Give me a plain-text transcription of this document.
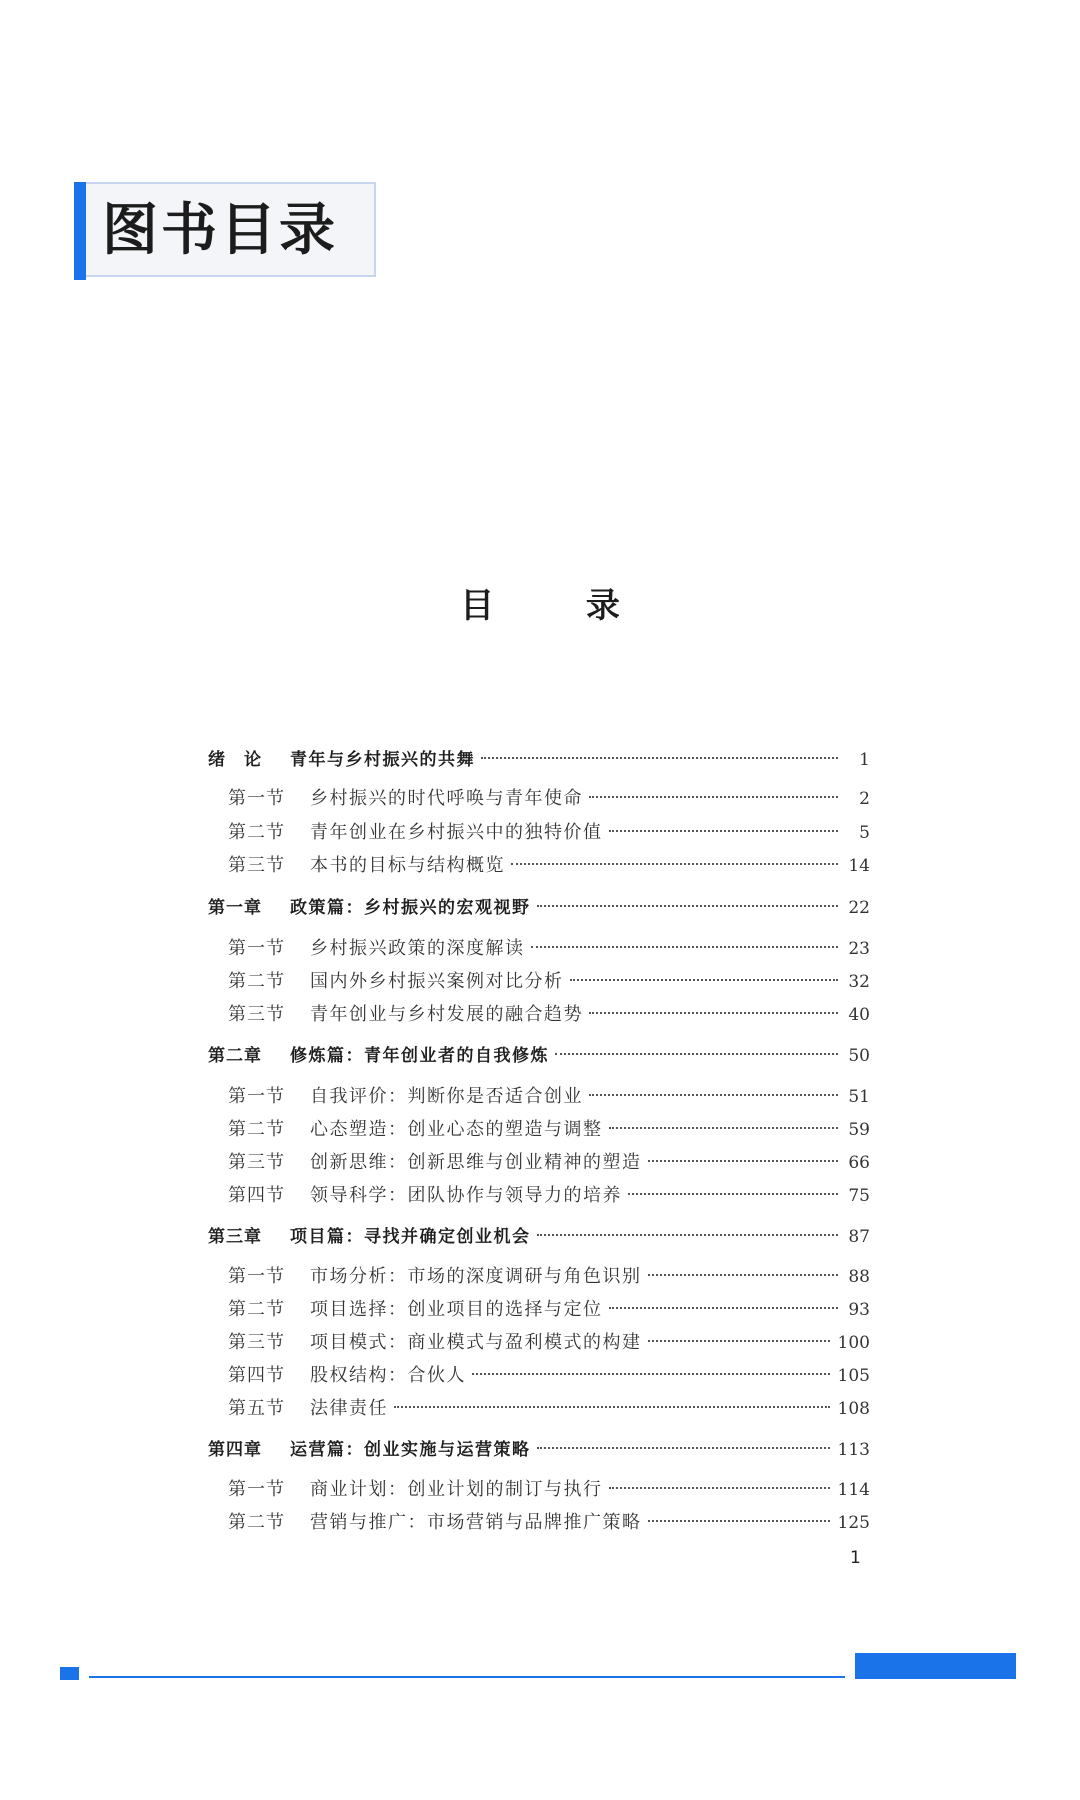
图书目录
目 录
绪　论	青年与乡村振兴的共舞	1
第一节	乡村振兴的时代呼唤与青年使命	2
第二节	青年创业在乡村振兴中的独特价值	5
第三节	本书的目标与结构概览	14
第一章	政策篇：乡村振兴的宏观视野	22
第一节	乡村振兴政策的深度解读	23
第二节	国内外乡村振兴案例对比分析	32
第三节	青年创业与乡村发展的融合趋势	40
第二章	修炼篇：青年创业者的自我修炼	50
第一节	自我评价：判断你是否适合创业	51
第二节	心态塑造：创业心态的塑造与调整	59
第三节	创新思维：创新思维与创业精神的塑造	66
第四节	领导科学：团队协作与领导力的培养	75
第三章	项目篇：寻找并确定创业机会	87
第一节	市场分析：市场的深度调研与角色识别	88
第二节	项目选择：创业项目的选择与定位	93
第三节	项目模式：商业模式与盈利模式的构建	100
第四节	股权结构：合伙人	105
第五节	法律责任	108
第四章	运营篇：创业实施与运营策略	113
第一节	商业计划：创业计划的制订与执行	114
第二节	营销与推广：市场营销与品牌推广策略	125
1
